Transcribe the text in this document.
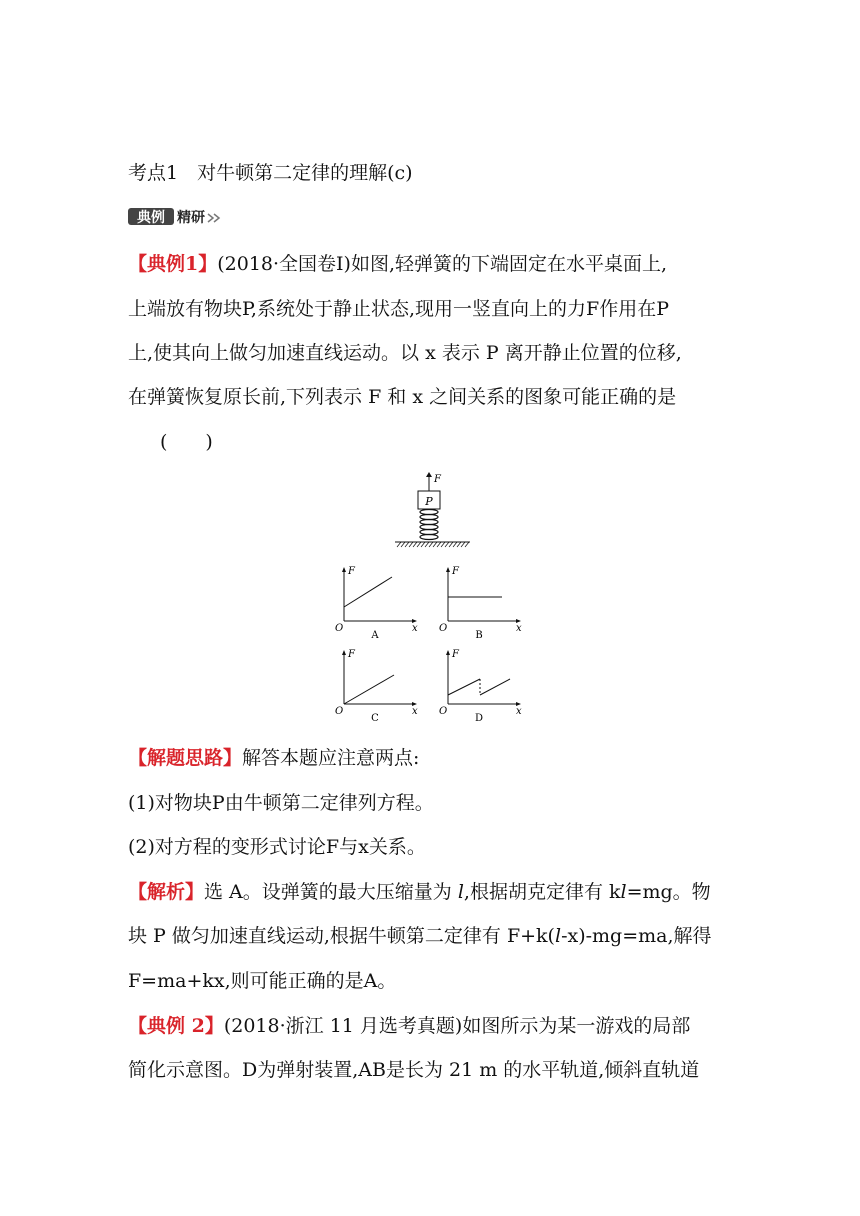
考点1　对牛顿第二定律的理解(c)
典例 精研
【典例1】(2018·全国卷Ⅰ)如图,轻弹簧的下端固定在水平桌面上,
上端放有物块P,系统处于静止状态,现用一竖直向上的力F作用在P
上,使其向上做匀加速直线运动。以 x 表示 P 离开静止位置的位移,
在弹簧恢复原长前,下列表示 F 和 x 之间关系的图象可能正确的是
(　　)
F
P
F
x
O
A
F
x
O
B
F
x
O
C
F
x
O
D
【解题思路】解答本题应注意两点:
(1)对物块P由牛顿第二定律列方程。
(2)对方程的变形式讨论F与x关系。
【解析】选 A。设弹簧的最大压缩量为 l,根据胡克定律有 kl=mg。物
块 P 做匀加速直线运动,根据牛顿第二定律有 F+k(l-x)-mg=ma,解得
F=ma+kx,则可能正确的是A。
【典例 2】(2018·浙江 11 月选考真题)如图所示为某一游戏的局部
简化示意图。D为弹射装置,AB是长为 21 m 的水平轨道,倾斜直轨道
